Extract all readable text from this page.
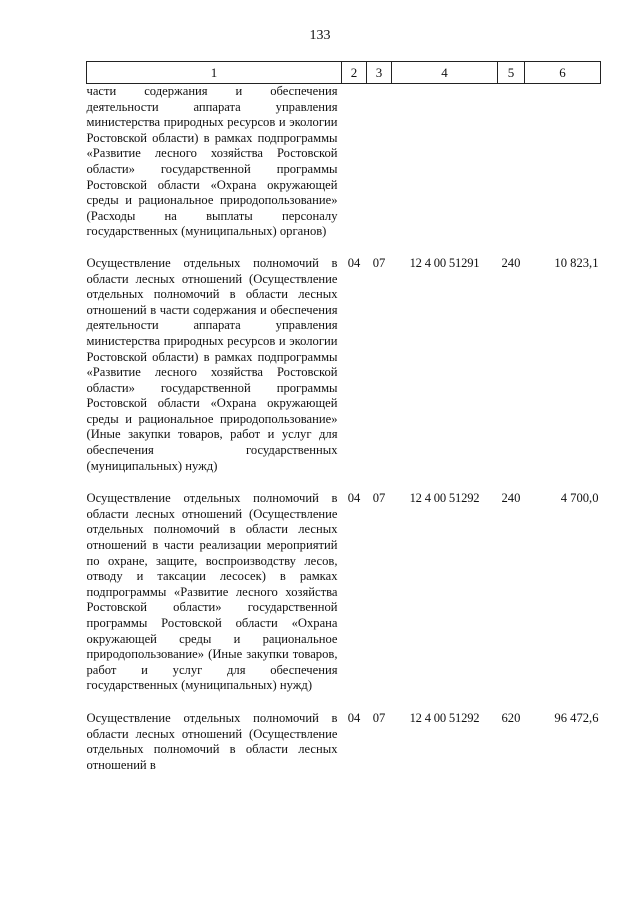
133
1	2	3	4	5	6
части содержания и обеспечения деятельности аппарата управления министерства природных ресурсов и экологии Ростовской области) в рамках подпрограммы «Развитие лесного хозяйства Ростовской области» государственной программы Ростовской области «Охрана окружающей среды и рациональное природопользование» (Расходы на выплаты персоналу государственных (муниципальных) органов)					
Осуществление отдельных полномочий в области лесных отношений (Осуществление отдельных полномочий в области лесных отношений в части содержания и обеспечения деятельности аппарата управления министерства природных ресурсов и экологии Ростовской области) в рамках подпрограммы «Развитие лесного хозяйства Ростовской области» государственной программы Ростовской области «Охрана окружающей среды и рациональное природопользование» (Иные закупки товаров, работ и услуг для обеспечения государственных (муниципальных) нужд)	04	07	12 4 00 51291	240	10 823,1
Осуществление отдельных полномочий в области лесных отношений (Осуществление отдельных полномочий в области лесных отношений в части реализации мероприятий по охране, защите, воспроизводству лесов, отводу и таксации лесосек) в рамках подпрограммы «Развитие лесного хозяйства Ростовской области» государственной программы Ростовской области «Охрана окружающей среды и рациональное природопользование» (Иные закупки товаров, работ и услуг для обеспечения государственных (муниципальных) нужд)	04	07	12 4 00 51292	240	4 700,0
Осуществление отдельных полномочий в области лесных отношений (Осуществление отдельных полномочий в области лесных отношений в	04	07	12 4 00 51292	620	96 472,6
